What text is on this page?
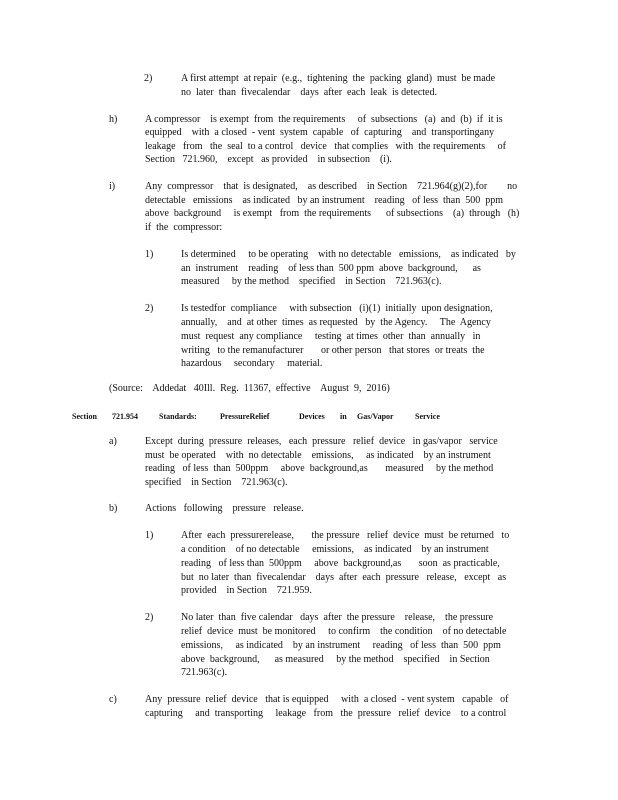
2)	A first attempt  at repair  (e.g.,  tightening  the  packing  gland)  must  be made

no  later  than  fivecalendar    days  after  each  leak  is detected.

h)	A compressor    is exempt  from  the requirements     of  subsections   (a)  and  (b)  if  it is

equipped    with  a closed  - vent  system  capable   of  capturing    and  transportingany

leakage   from   the  seal  to a control   device   that complies   with  the requirements     of

Section   721.960,    except   as provided    in subsection    (i).

i)	Any  compressor    that  is designated,    as described    in Section    721.964(g)(2),for        no

detectable   emissions    as indicated   by an instrument    reading   of less  than  500  ppm

above  background     is exempt   from  the requirements      of subsections    (a)  through   (h)

if  the  compressor:

1)	Is determined     to be operating    with no detectable   emissions,    as indicated   by

an  instrument    reading    of less than  500 ppm  above  background,      as

measured     by the method    specified    in Section    721.963(c).

2)	Is testedfor  compliance     with subsection   (i)(1)  initially  upon designation,

annually,    and  at other  times  as requested   by  the Agency.     The  Agency

must  request  any compliance     testing  at times  other  than  annually   in

writing   to the remanufacturer       or other person   that stores  or treats  the

hazardous     secondary     material.

(Source:    Addedat   40Ill.  Reg.  11367,  effective    August  9,  2016)

Section 721.954	Standards:	PressureRelief	Devices in Gas/Vapor	Service

a)	Except  during  pressure  releases,   each  pressure   relief  device   in gas/vapor   service

must  be operated    with  no detectable    emissions,     as indicated    by an instrument

reading   of less  than  500ppm     above  background,as       measured     by the method

specified    in Section    721.963(c).

b)	Actions   following    pressure   release.

1)	After  each  pressurerelease,       the pressure   relief  device  must  be returned   to

a condition    of no detectable     emissions,    as indicated    by an instrument

reading   of less than  500ppm     above  background,as       soon  as practicable,

but  no later  than  fivecalendar    days  after  each  pressure   release,   except   as

provided    in Section    721.959.

2)	No later  than  five calendar   days  after  the pressure    release,    the pressure

relief  device  must  be monitored     to confirm    the condition    of no detectable

emissions,     as indicated    by an instrument     reading   of less  than  500  ppm

above  background,      as measured     by the method    specified    in Section

721.963(c).

c)	Any  pressure  relief  device   that is equipped     with  a closed  - vent system   capable   of

capturing     and  transporting     leakage   from   the  pressure   relief  device    to a control
